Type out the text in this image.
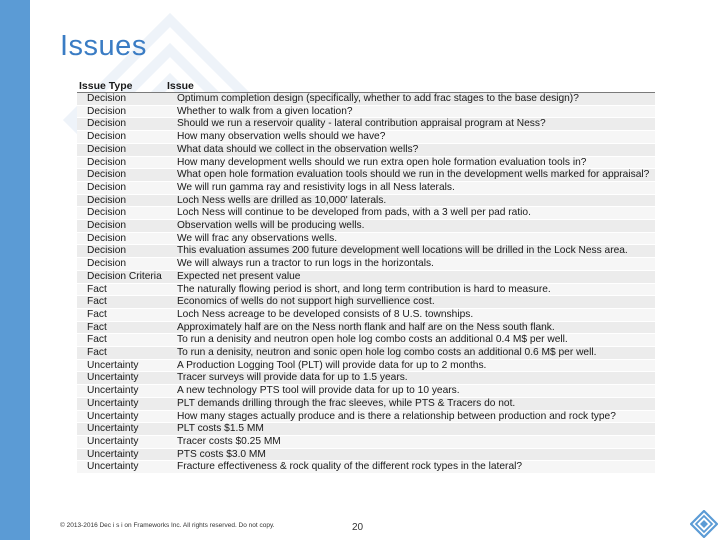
Issues
Issue Type	Issue
Decision	Optimum completion design (specifically, whether to add frac stages to the base design)?
Decision	Whether to walk from a given location?
Decision	Should we run a reservoir quality - lateral contribution appraisal program at Ness?
Decision	How many observation wells should we have?
Decision	What data should we collect in the observation wells?
Decision	How many development wells should we run extra open hole formation evaluation tools in?
Decision	What open hole formation evaluation tools should we run in the development wells marked for appraisal?
Decision	We will run gamma ray and resistivity logs in all Ness laterals.
Decision	Loch Ness wells are drilled as 10,000' laterals.
Decision	Loch Ness will continue to be developed from pads, with a 3 well per pad ratio.
Decision	Observation wells will be producing wells.
Decision	We will frac any observations wells.
Decision	This evaluation assumes 200 future development well locations will be drilled in the Lock Ness area.
Decision	We will always run a tractor to run logs in the horizontals.
Decision Criteria	Expected net present value
Fact	The naturally flowing period is short, and long term contribution is hard to measure.
Fact	Economics of wells do not support high survellience cost.
Fact	Loch Ness acreage to be developed consists of 8 U.S. townships.
Fact	Approximately half are on the Ness north flank and half are on the Ness south flank.
Fact	To run a denisity and neutron open hole log combo costs an additional 0.4 M$ per well.
Fact	To run a denisity, neutron and sonic open hole log combo costs an additional 0.6 M$ per well.
Uncertainty	A Production Logging Tool (PLT) will provide data for up to 2 months.
Uncertainty	Tracer surveys will provide data for up to 1.5 years.
Uncertainty	A new technology PTS tool will provide data for up to 10 years.
Uncertainty	PLT demands drilling through the frac sleeves, while PTS & Tracers do not.
Uncertainty	How many stages actually produce and is there a relationship between production and rock type?
Uncertainty	PLT costs $1.5 MM
Uncertainty	Tracer costs $0.25 MM
Uncertainty	PTS costs $3.0 MM
Uncertainty	Fracture effectiveness & rock quality of the different rock types in the lateral?
© 2013-2016 Dec i s i on Frameworks Inc. All rights reserved. Do not copy.	20
